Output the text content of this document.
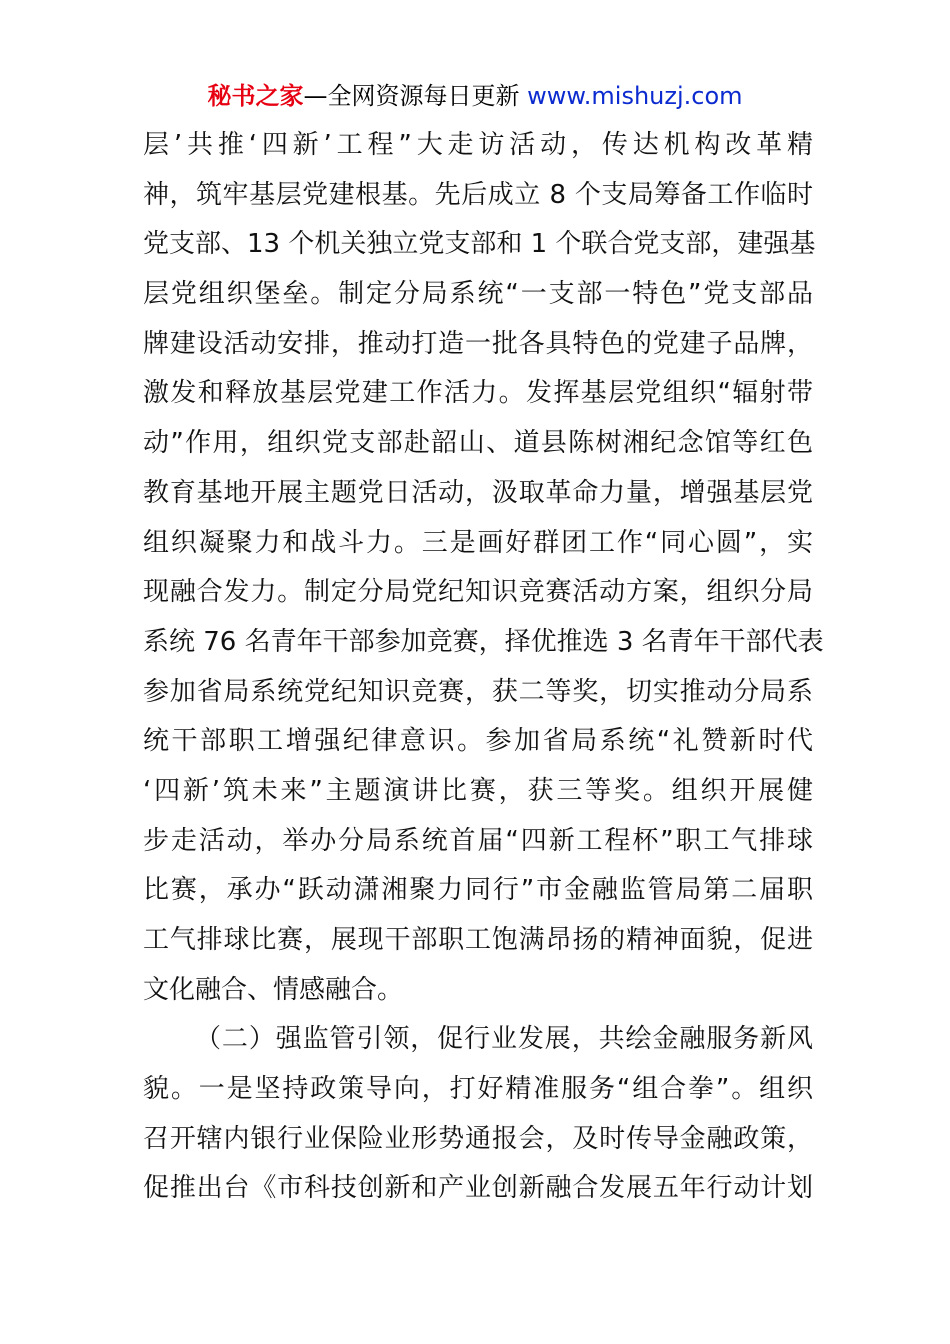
秘书之家—全网资源每日更新 www.mishuzj.com
层’共推‘四新’工程”大走访活动，传达机构改革精
神，筑牢基层党建根基。先后成立 8 个支局筹备工作临时
党支部、13 个机关独立党支部和 1 个联合党支部，建强基
层党组织堡垒。制定分局系统“一支部一特色”党支部品
牌建设活动安排，推动打造一批各具特色的党建子品牌，
激发和释放基层党建工作活力。发挥基层党组织“辐射带
动”作用，组织党支部赴韶山、道县陈树湘纪念馆等红色
教育基地开展主题党日活动，汲取革命力量，增强基层党
组织凝聚力和战斗力。三是画好群团工作“同心圆”，实
现融合发力。制定分局党纪知识竞赛活动方案，组织分局
系统 76 名青年干部参加竞赛，择优推选 3 名青年干部代表
参加省局系统党纪知识竞赛，获二等奖，切实推动分局系
统干部职工增强纪律意识。参加省局系统“礼赞新时代
‘四新’筑未来”主题演讲比赛，获三等奖。组织开展健
步走活动，举办分局系统首届“四新工程杯”职工气排球
比赛，承办“跃动潇湘聚力同行”市金融监管局第二届职
工气排球比赛，展现干部职工饱满昂扬的精神面貌，促进
文化融合、情感融合。
（二）强监管引领，促行业发展，共绘金融服务新风
貌。一是坚持政策导向，打好精准服务“组合拳”。组织
召开辖内银行业保险业形势通报会，及时传导金融政策，
促推出台《市科技创新和产业创新融合发展五年行动计划
